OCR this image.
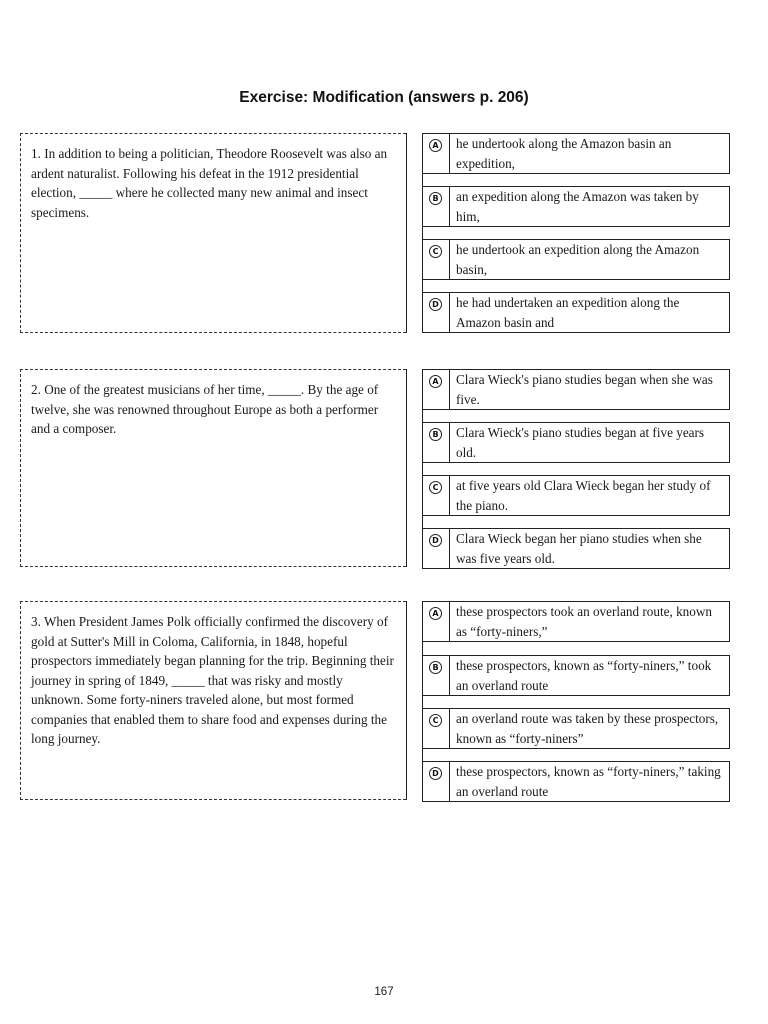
Exercise: Modification (answers p. 206)
1. In addition to being a politician, Theodore Roosevelt was also an ardent naturalist. Following his defeat in the 1912 presidential election, _____ where he collected many new animal and insect specimens.
A he undertook along the Amazon basin an expedition,
B an expedition along the Amazon was taken by him,
C he undertook an expedition along the Amazon basin,
D he had undertaken an expedition along the Amazon basin and
2. One of the greatest musicians of her time, _____. By the age of twelve, she was renowned throughout Europe as both a performer and a composer.
A Clara Wieck's piano studies began when she was five.
B Clara Wieck's piano studies began at five years old.
C at five years old Clara Wieck began her study of the piano.
D Clara Wieck began her piano studies when she was five years old.
3. When President James Polk officially confirmed the discovery of gold at Sutter's Mill in Coloma, California, in 1848, hopeful prospectors immediately began planning for the trip. Beginning their journey in spring of 1849, _____ that was risky and mostly unknown. Some forty-niners traveled alone, but most formed companies that enabled them to share food and expenses during the long journey.
A these prospectors took an overland route, known as “forty-niners,”
B these prospectors, known as “forty-niners,” took an overland route
C an overland route was taken by these prospectors, known as “forty-niners”
D these prospectors, known as “forty-niners,” taking an overland route
167
